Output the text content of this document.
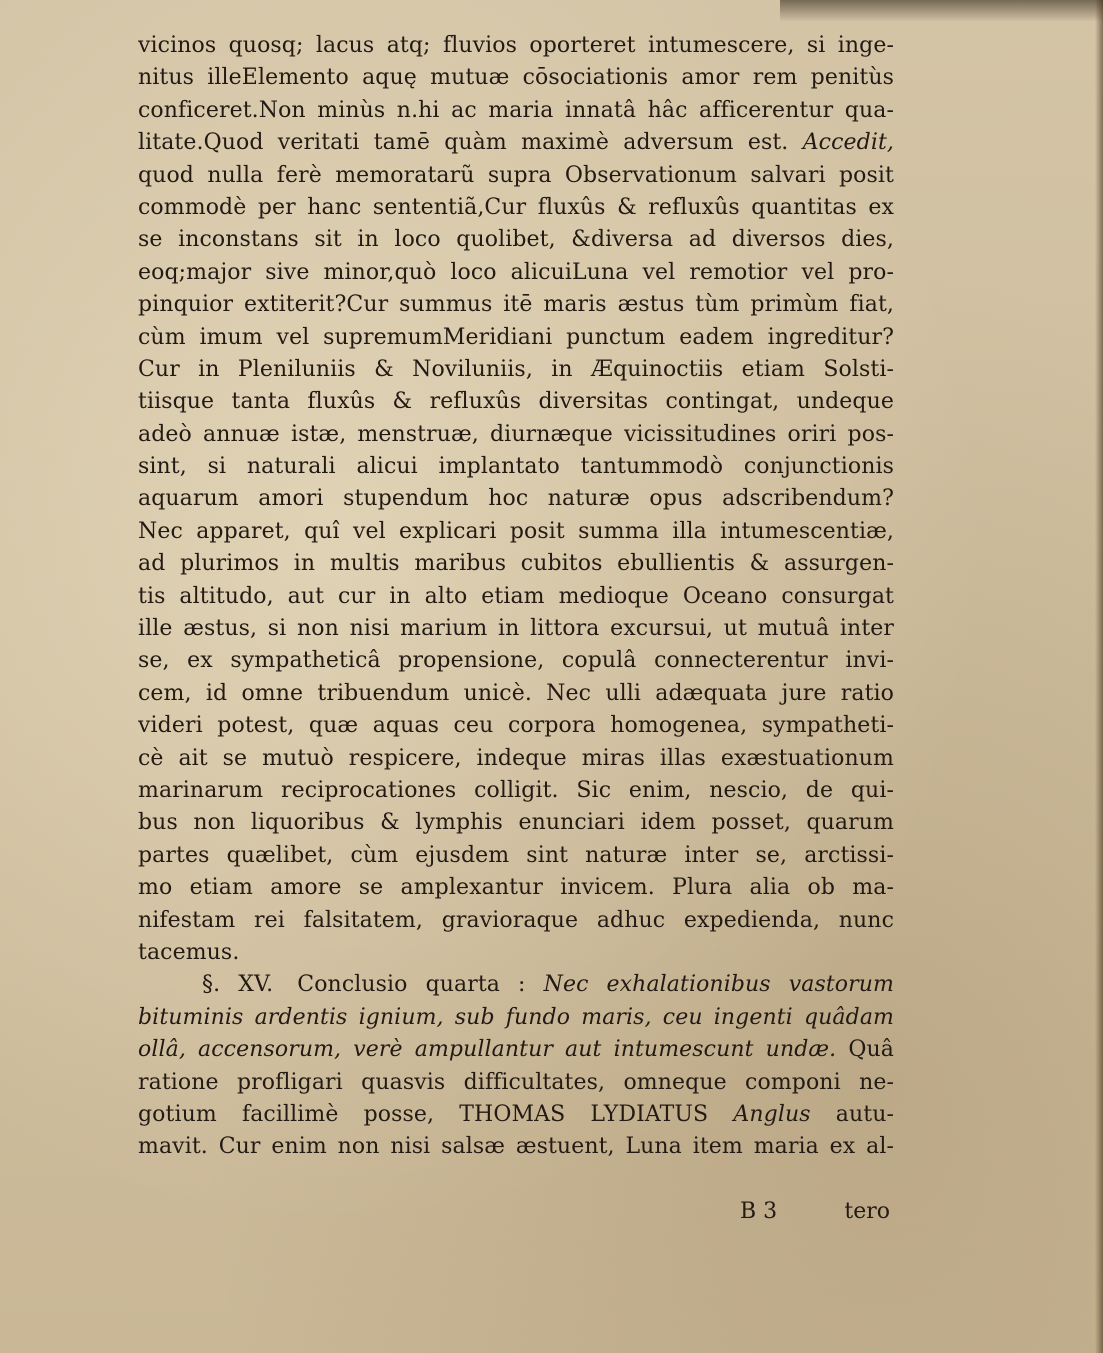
vicinos quosq; lacus atq; fluvios oporteret intumescere, si inge-
nitus illeElemento aquę mutuæ cōsociationis amor rem penitùs
conficeret.Non minùs n.hi ac maria innatâ hâc afficerentur qua-
litate.Quod veritati tamē quàm maximè adversum est. Accedit,
quod nulla ferè memoratarũ supra Observationum salvari posit
commodè per hanc sententiã,Cur fluxûs & refluxûs quantitas ex
se inconstans sit in loco quolibet, &diversa ad diversos dies,
eoq;major sive minor,quò loco alicuiLuna vel remotior vel pro-
pinquior extiterit?Cur summus itē maris æstus tùm primùm fiat,
cùm imum vel supremumMeridiani punctum eadem ingreditur?
Cur in Pleniluniis & Noviluniis, in Æquinoctiis etiam Solsti-
tiisque tanta fluxûs & refluxûs diversitas contingat, undeque
adeò annuæ istæ, menstruæ, diurnæque vicissitudines oriri pos-
sint, si naturali alicui implantato tantummodò conjunctionis
aquarum amori stupendum hoc naturæ opus adscribendum?
Nec apparet, quî vel explicari posit summa illa intumescentiæ,
ad plurimos in multis maribus cubitos ebullientis & assurgen-
tis altitudo, aut cur in alto etiam medioque Oceano consurgat
ille æstus, si non nisi marium in littora excursui, ut mutuâ inter
se, ex sympatheticâ propensione, copulâ connecterentur invi-
cem, id omne tribuendum unicè. Nec ulli adæquata jure ratio
videri potest, quæ aquas ceu corpora homogenea, sympatheti-
cè ait se mutuò respicere, indeque miras illas exæstuationum
marinarum reciprocationes colligit. Sic enim, nescio, de qui-
bus non liquoribus & lymphis enunciari idem posset, quarum
partes quælibet, cùm ejusdem sint naturæ inter se, arctissi-
mo etiam amore se amplexantur invicem. Plura alia ob ma-
nifestam rei falsitatem, gravioraque adhuc expedienda, nunc
tacemus.
§. XV. Conclusio quarta : Nec exhalationibus vastorum
bituminis ardentis ignium, sub fundo maris, ceu ingenti quâdam
ollâ, accensorum, verè ampullantur aut intumescunt undæ. Quâ
ratione profligari quasvis difficultates, omneque componi ne-
gotium facillimè posse, THOMAS LYDIATUS Anglus autu-
mavit. Cur enim non nisi salsæ æstuent, Luna item maria ex al-
B 3	tero
